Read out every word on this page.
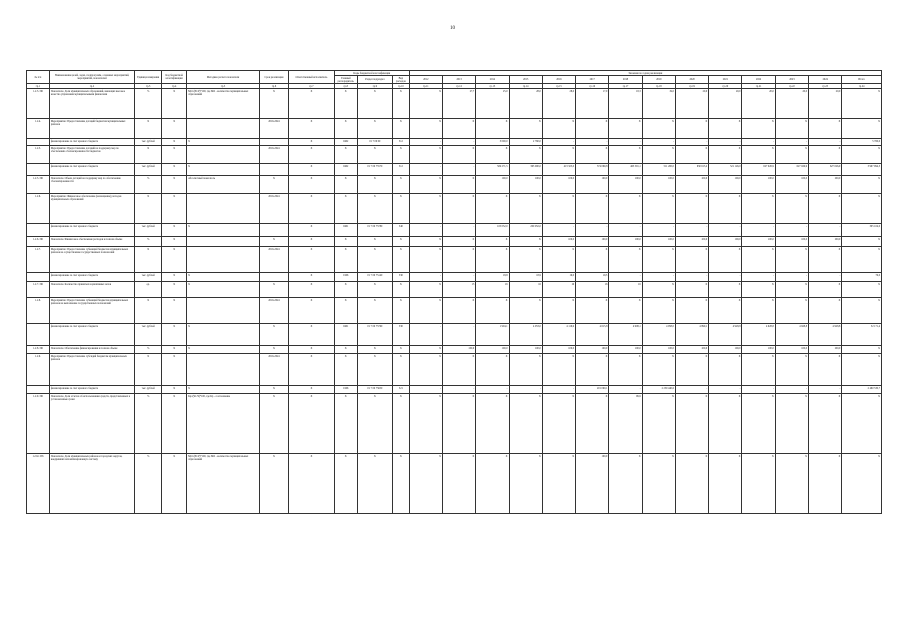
10
№ п/п	Наименование целей, задач, подпрограмм, основных мероприятий, мероприятий, показателей	Единица измерения	Код бюджетной классификации	Методика расчета показателя	Срок реализации	Ответственный исполнитель	Коды бюджетной классификации			Значения по годам реализации													
							Главный распорядитель	Раздел подраздел	Вид расходов	2012	2013	2014	2015	2016	2017	2018	2019	2020	2021	2022	2023	2024	Итого
гр.1	гр.2	гр.3	гр.4	гр.5	гр.6	гр.7	гр.8	гр.9	гр.10	гр.11	гр.12	гр.13	гр.14	гр.15	гр.16	гр.17	гр.18	гр.19	гр.20	гр.21	гр.22	гр.23	гр.24
1.2.3. П6	Показатель: Доля муниципальных образований, имеющих высокое качество управления муниципальными финансами	%	Х	МО=(Р1/Р)*100, где МО - количество муниципальных образований	Х	Х	Х	Х	Х	Х	27,7	25,0	28,0	28,0	17,0	18,3	19,0	20,0	20,0	20,0	20,0	20,0	Х
1.2.4.	Мероприятие: Предоставление дотаций бюджетам муниципальных районов	Х	Х		2016-2024	Х	Х	Х	Х	Х	Х	Х	Х	Х	Х	Х	Х	Х	Х	Х	Х	Х	Х
	финансирование за счет краевого бюджета	тыс. рублей	Х	Х		Х	0402	01 7 00 00	512	-	-	3 000,0	2 760,0	-	-	-	-	-	-	-	-	-	5 760,0
1.2.5.	Мероприятие: Предоставление дотаций на поддержку мер по обеспечению сбалансированности бюджетов	Х	Х		2016-2024	Х	Х	Х	Х	Х	Х	Х	Х	Х	Х	Х	Х	Х	Х	Х	Х	Х	Х
	финансирование за счет краевого бюджета	тыс. рублей	Х	Х		Х	0402	01 7 00 75570	512	-	-	509 271,5	363 000,0	413 325,0	374 069,8	465 591,1	511 200,0	630 613,2	521 126,0	627 026,9	627 026,9	627 026,9	3 997 994,3
1.2.5. П6	Показатель: Объем дотаций на поддержку мер по обеспечению сбалансированности	%	Х	Абсолютный показатель	Х	Х	Х	Х	Х	Х	Х	100,0	100,0	100,0	100,0	100,0	100,0	100,0	100,0	100,0	100,0	100,0	Х
1.2.6.	Мероприятие: Финансовое обеспечение (возмещение) расходов муниципальных образований	Х	Х		2016-2024	Х	Х	Х	Х	Х	Х	Х	Х	Х	Х	Х	Х	Х	Х	Х	Х	Х	Х
	финансирование за счет краевого бюджета	тыс. рублей	Х	Х		Х	0401	01 7 00 75780	540	-	-	105 052,0	200 052,0	-	-	-	-	-	-	-	-	-	305 104,0
1.2.6. П6	Показатель: Финансовое обеспечение расходов в полном объеме	%	Х		Х	Х	Х	Х	Х	Х	Х	Х	Х	100,0	100,0	100,0	100,0	100,0	100,0	100,0	100,0	100,0	Х
1.2.7.	Мероприятие: Предоставление субвенций бюджетам муниципальных районов на осуществление государственных полномочий	Х	Х		2016-2024	Х	Х	Х	Х	Х	Х	Х	Х	Х	Х	Х	Х	Х	Х	Х	Х	Х	Х
	финансирование за счет краевого бюджета	тыс. рублей	Х	Х		Х	0106	01 7 00 75140	530	-	-	18,8	18,9	19,0	19,3	-	-	-	-	-	-	-	76,0
1.2.7. П6	Показатель: Количество принятых нормативных актов	ед.	Х	Х	Х	Х	Х	Х	Х	Х	15	16	16	16	16	16	Х	Х	Х	Х	Х	Х	Х
1.2.8.	Мероприятие: Предоставление субвенций бюджетам муниципальных районов на выполнение государственных полномочий	Х	Х		2016-2024	Х	Х	Х	Х	Х	Х	Х	Х	Х	Х	Х	Х	Х	Х	Х	Х	Х	Х
	финансирование за счет краевого бюджета	тыс. рублей	Х	Х	Х	Х	0401	01 7 00 75760	530	-	-	1 904,1	4 053,0	4 116,9	4 615,8	4 908,1	4 958,0	4 899,1	4 928,8	4 928,8	4 928,8	4 928,8	52 171,4
1.2.8. П6	Показатель: Обеспечение финансирования в полном объеме	%	Х	Х	Х	Х	Х	Х	Х	Х	100,0	100,0	100,0	100,0	100,0	100,0	100,0	100,0	100,0	100,0	100,0	100,0	Х
1.2.9.	Мероприятие: Предоставление субсидий бюджетам муниципальных районов	Х	Х		2016-2024	Х	Х	Х	Х	Х	Х	Х	Х	Х	Х	Х	Х	Х	Х	Х	Х	Х	Х
	финансирование за счет краевого бюджета	тыс. рублей	Х	Х	Х	Х	0106	01 7 00 75650	521	-	-	-	-	-	201 090,1	-	2 259 440,6	-	-	-	-	-	2 460 530,7
1.2.9. П6	Показатель: Доля отчетов об использовании средств, представленных в установленные сроки	%	Х	Кр=(Ч1/Ч)*100, где Кр - соотношение	Х	Х	Х	Х	Х	Х	Х	Х	Х	Х	Х	99,9	Х	Х	Х	Х	Х	Х	Х
1.2.9.1 П6	Показатель: Доля муниципальных районов и городских округов, внедривших автоматизированную систему	%	Х	МО=(Р1/Р)*100, где МО - количество муниципальных образований	Х	Х	Х	Х	Х	Х	Х	Х	Х	Х	100,0	Х	Х	Х	Х	Х	Х	Х	Х
